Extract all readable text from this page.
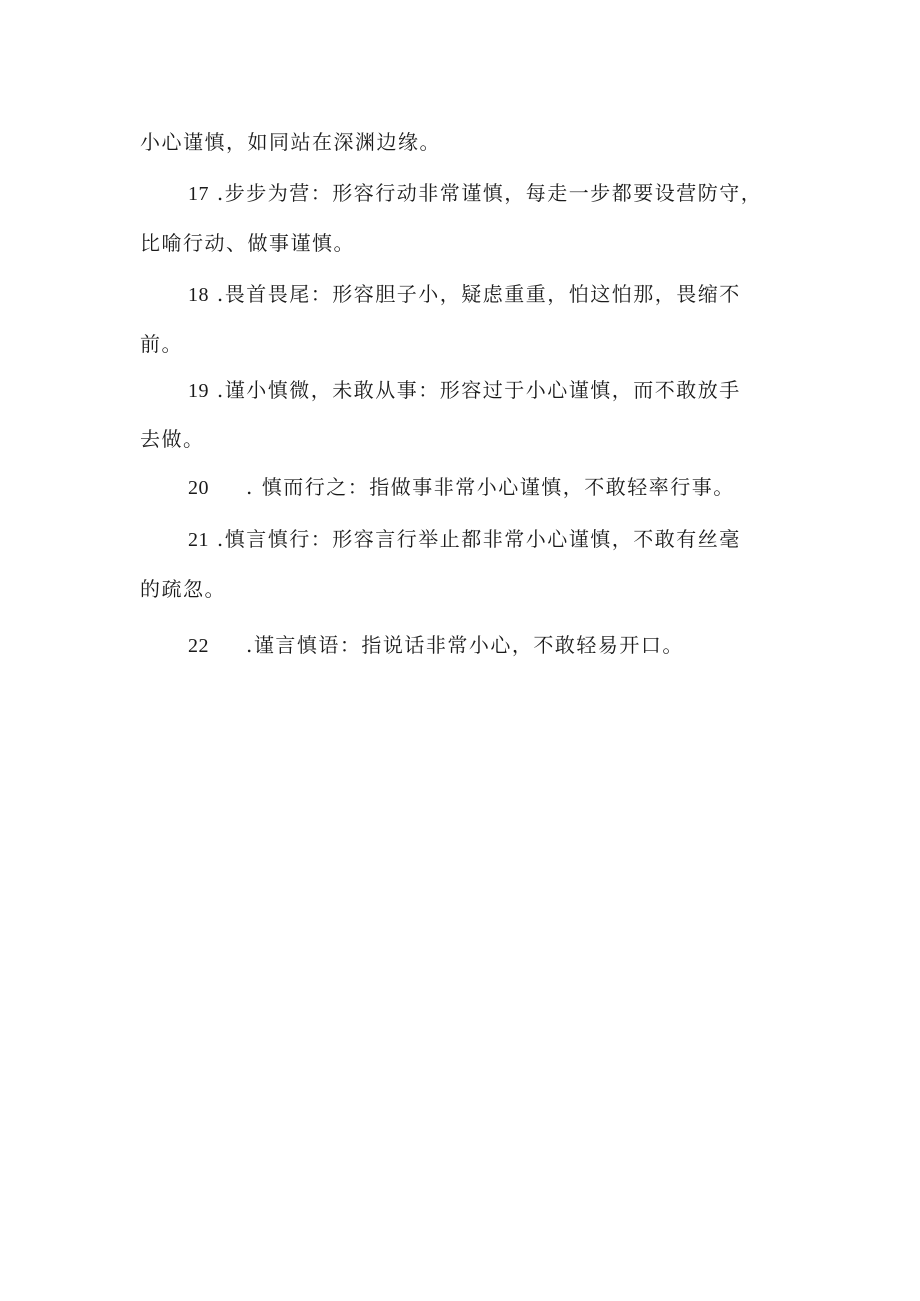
小心谨慎，如同站在深渊边缘。
17 .步步为营：形容行动非常谨慎，每走一步都要设营防守，
比喻行动、做事谨慎。
18 .畏首畏尾：形容胆子小，疑虑重重，怕这怕那，畏缩不
前。
19 .谨小慎微，未敢从事：形容过于小心谨慎，而不敢放手
去做。
20 . 慎而行之：指做事非常小心谨慎，不敢轻率行事。
21 .慎言慎行：形容言行举止都非常小心谨慎，不敢有丝毫
的疏忽。
22 .谨言慎语：指说话非常小心，不敢轻易开口。
